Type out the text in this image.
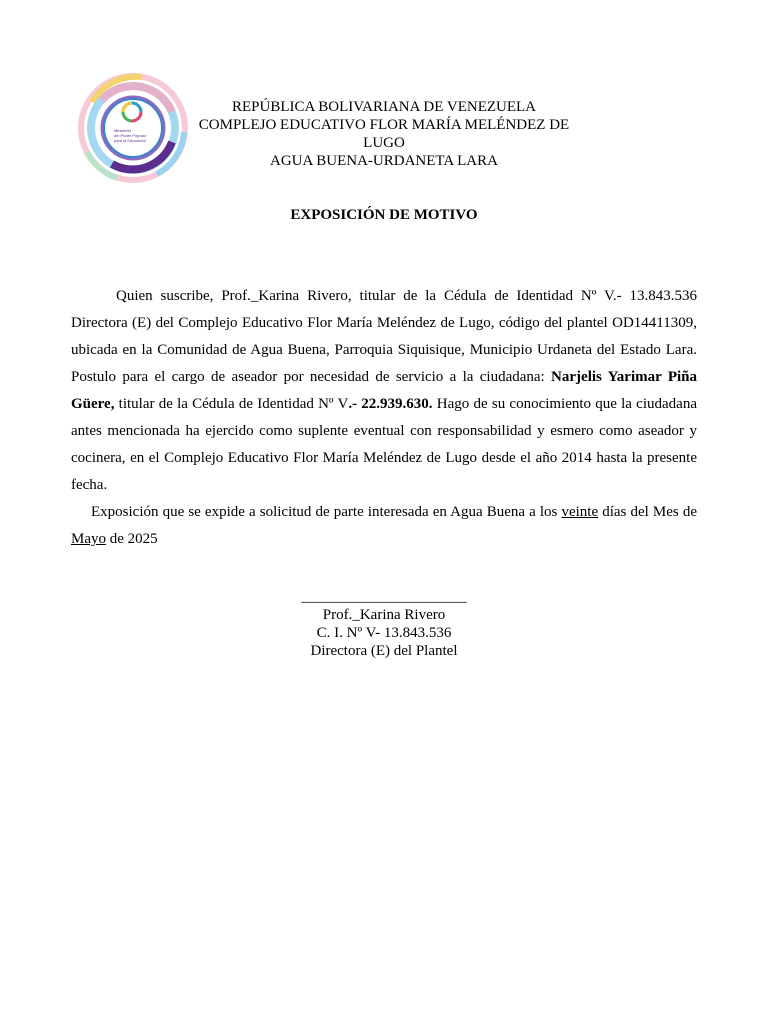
Ministerio
del Poder Popular
para la Educación
REPÚBLICA BOLIVARIANA DE VENEZUELA
COMPLEJO EDUCATIVO FLOR MARÍA MELÉNDEZ DE LUGO
AGUA BUENA-URDANETA LARA
EXPOSICIÓN DE MOTIVO

Quien suscribe, Prof._Karina Rivero, titular de la Cédula de Identidad Nº V.- 13.843.536 Directora (E) del Complejo Educativo Flor María Meléndez de Lugo, código del plantel OD14411309, ubicada en la Comunidad de Agua Buena, Parroquia Siquisique, Municipio Urdaneta del Estado Lara. Postulo para el cargo de aseador por necesidad de servicio a la ciudadana: Narjelis Yarimar Piña Güere, titular de la Cédula de Identidad Nº V.- 22.939.630. Hago de su conocimiento que la ciudadana antes mencionada ha ejercido como suplente eventual con responsabilidad y esmero como aseador y cocinera, en el Complejo Educativo Flor María Meléndez de Lugo desde el año 2014 hasta la presente fecha.

Exposición que se expide a solicitud de parte interesada en Agua Buena a los veinte días del Mes de Mayo de 2025

______________________
Prof._Karina Rivero
C. I. Nº V- 13.843.536
Directora (E) del Plantel
